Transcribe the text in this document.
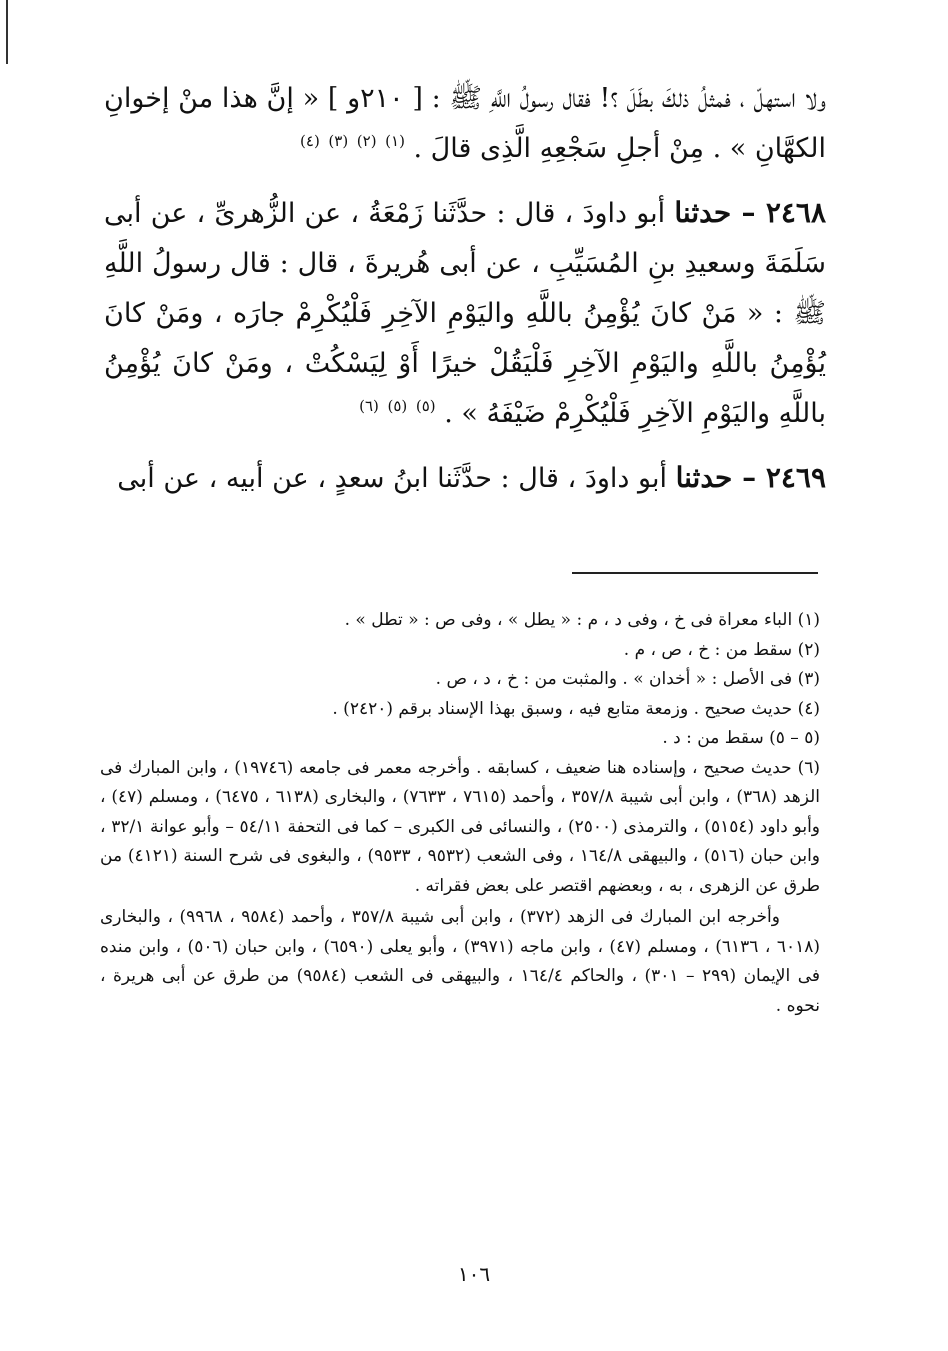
ولا استهلّ ، فمثلُ ذلكَ بطَلَ ؟! فقال رسولُ اللَّهِ ﷺ : [ ٢١٠و ] « إنَّ هذا منْ إخوانِ الكهَّانِ » . مِنْ أجلِ سَجْعِهِ الَّذِى قالَ . $^{(١)}$ $^{(٢)}$ $^{(٣)}$ $^{(٤)}$

٢٤٦٨ – حدثنا أبو داودَ ، قال : حدَّثَنا زَمْعَةُ ، عن الزُّهرىِّ ، عن أبى سَلَمَةَ وسعيدِ بنِ المُسَيِّبِ ، عن أبى هُريرةَ ، قال : قال رسولُ اللَّهِ ﷺ : « مَنْ كانَ يُؤْمِنُ باللَّهِ واليَوْمِ الآخِرِ فَلْيُكْرِمْ جارَه ، ومَنْ كانَ يُؤْمِنُ باللَّهِ واليَوْمِ الآخِرِ فَلْيَقُلْ خيرًا أَوْ لِيَسْكُتْ ، ومَنْ كانَ يُؤْمِنُ باللَّهِ واليَوْمِ الآخِرِ فَلْيُكْرِمْ ضَيْفَهُ » . $^{(٥)}$ $^{(٥)}$ $^{(٦)}$

٢٤٦٩ – حدثنا أبو داودَ ، قال : حدَّثَنا ابنُ سعدٍ ، عن أبيه ، عن أبى

(١) الباء معراة فى خ ، وفى د ، م : « يطل » ، وفى ص : « تطل » .

(٢) سقط من : خ ، ص ، م .

(٣) فى الأصل : « أخدان » . والمثبت من : خ ، د ، ص .

(٤) حديث صحيح . وزمعة متابع فيه ، وسبق بهذا الإسناد برقم (٢٤٢٠) .

(٥ – ٥) سقط من : د .

(٦) حديث صحيح ، وإسناده هنا ضعيف ، كسابقه . وأخرجه معمر فى جامعه (١٩٧٤٦) ، وابن المبارك فى الزهد (٣٦٨) ، وابن أبى شيبة ٣٥٧/٨ ، وأحمد (٧٦١٥ ، ٧٦٣٣) ، والبخارى (٦١٣٨ ، ٦٤٧٥) ، ومسلم (٤٧) ، وأبو داود (٥١٥٤) ، والترمذى (٢٥٠٠) ، والنسائى فى الكبرى – كما فى التحفة ٥٤/١١ – وأبو عوانة ٣٢/١ ، وابن حبان (٥١٦) ، والبيهقى ١٦٤/٨ ، وفى الشعب (٩٥٣٢ ، ٩٥٣٣) ، والبغوى فى شرح السنة (٤١٢١) من طرق عن الزهرى ، به ، وبعضهم اقتصر على بعض فقراته .

وأخرجه ابن المبارك فى الزهد (٣٧٢) ، وابن أبى شيبة ٣٥٧/٨ ، وأحمد (٩٥٨٤ ، ٩٩٦٨) ، والبخارى (٦٠١٨ ، ٦١٣٦) ، ومسلم (٤٧) ، وابن ماجه (٣٩٧١) ، وأبو يعلى (٦٥٩٠) ، وابن حبان (٥٠٦) ، وابن منده فى الإيمان (٢٩٩ – ٣٠١) ، والحاكم ١٦٤/٤ ، والبيهقى فى الشعب (٩٥٨٤) من طرق عن أبى هريرة ، نحوه .

١٠٦
